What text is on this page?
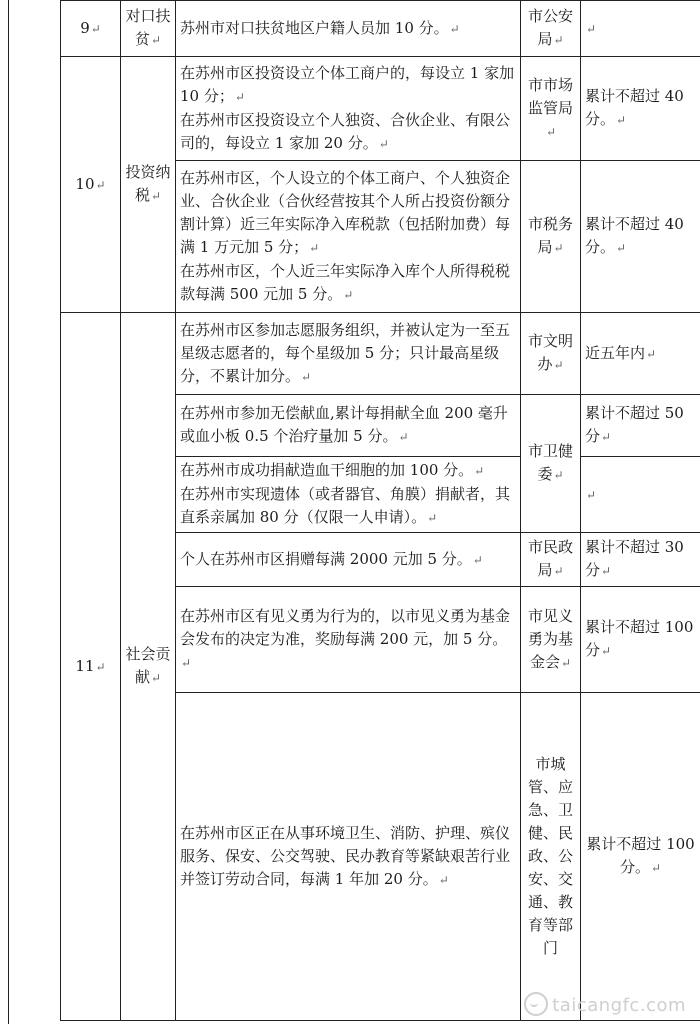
9↵	对口扶贫↵	苏州市对口扶贫地区户籍人员加 10 分。↵	市公安局↵	↵
10↵	投资纳税↵	在苏州市区投资设立个体工商户的，每设立 1 家加 10 分；↵
在苏州市区投资设立个人独资、合伙企业、有限公司的，每设立 1 家加 20 分。↵	市市场监管局↵	累计不超过 40 分。↵

		在苏州市区，个人设立的个体工商户、个人独资企业、合伙企业（合伙经营按其个人所占投资份额分割计算）近三年实际净入库税款（包括附加费）每满 1 万元加 5 分；↵
在苏州市区，个人近三年实际净入库个人所得税税款每满 500 元加 5 分。↵	市税务局↵	累计不超过 40 分。↵
11↵	社会贡献↵	在苏州市区参加志愿服务组织，并被认定为一至五星级志愿者的，每个星级加 5 分；只计最高星级分，不累计加分。↵	市文明办↵	近五年内↵
		在苏州市参加无偿献血,累计每捐献全血 200 毫升或血小板 0.5 个治疗量加 5 分。↵	市卫健委↵	累计不超过 50 分↵

		在苏州市成功捐献造血干细胞的加 100 分。↵
在苏州市实现遗体（或者器官、角膜）捐献者，其直系亲属加 80 分（仅限一人申请）。↵		↵
		个人在苏州市区捐赠每满 2000 元加 5 分。↵	市民政局↵	累计不超过 30 分↵
		在苏州市区有见义勇为行为的，以市见义勇为基金会发布的决定为准，奖励每满 200 元，加 5 分。↵	市见义勇为基金会↵	累计不超过 100 分↵
		在苏州市区正在从事环境卫生、消防、护理、殡仪服务、保安、公交驾驶、民办教育等紧缺艰苦行业并签订劳动合同，每满 1 年加 20 分。↵	市城管、应急、卫健、民政、公安、交通、教育等部门	累计不超过 100 分。↵
taicangfc.com
